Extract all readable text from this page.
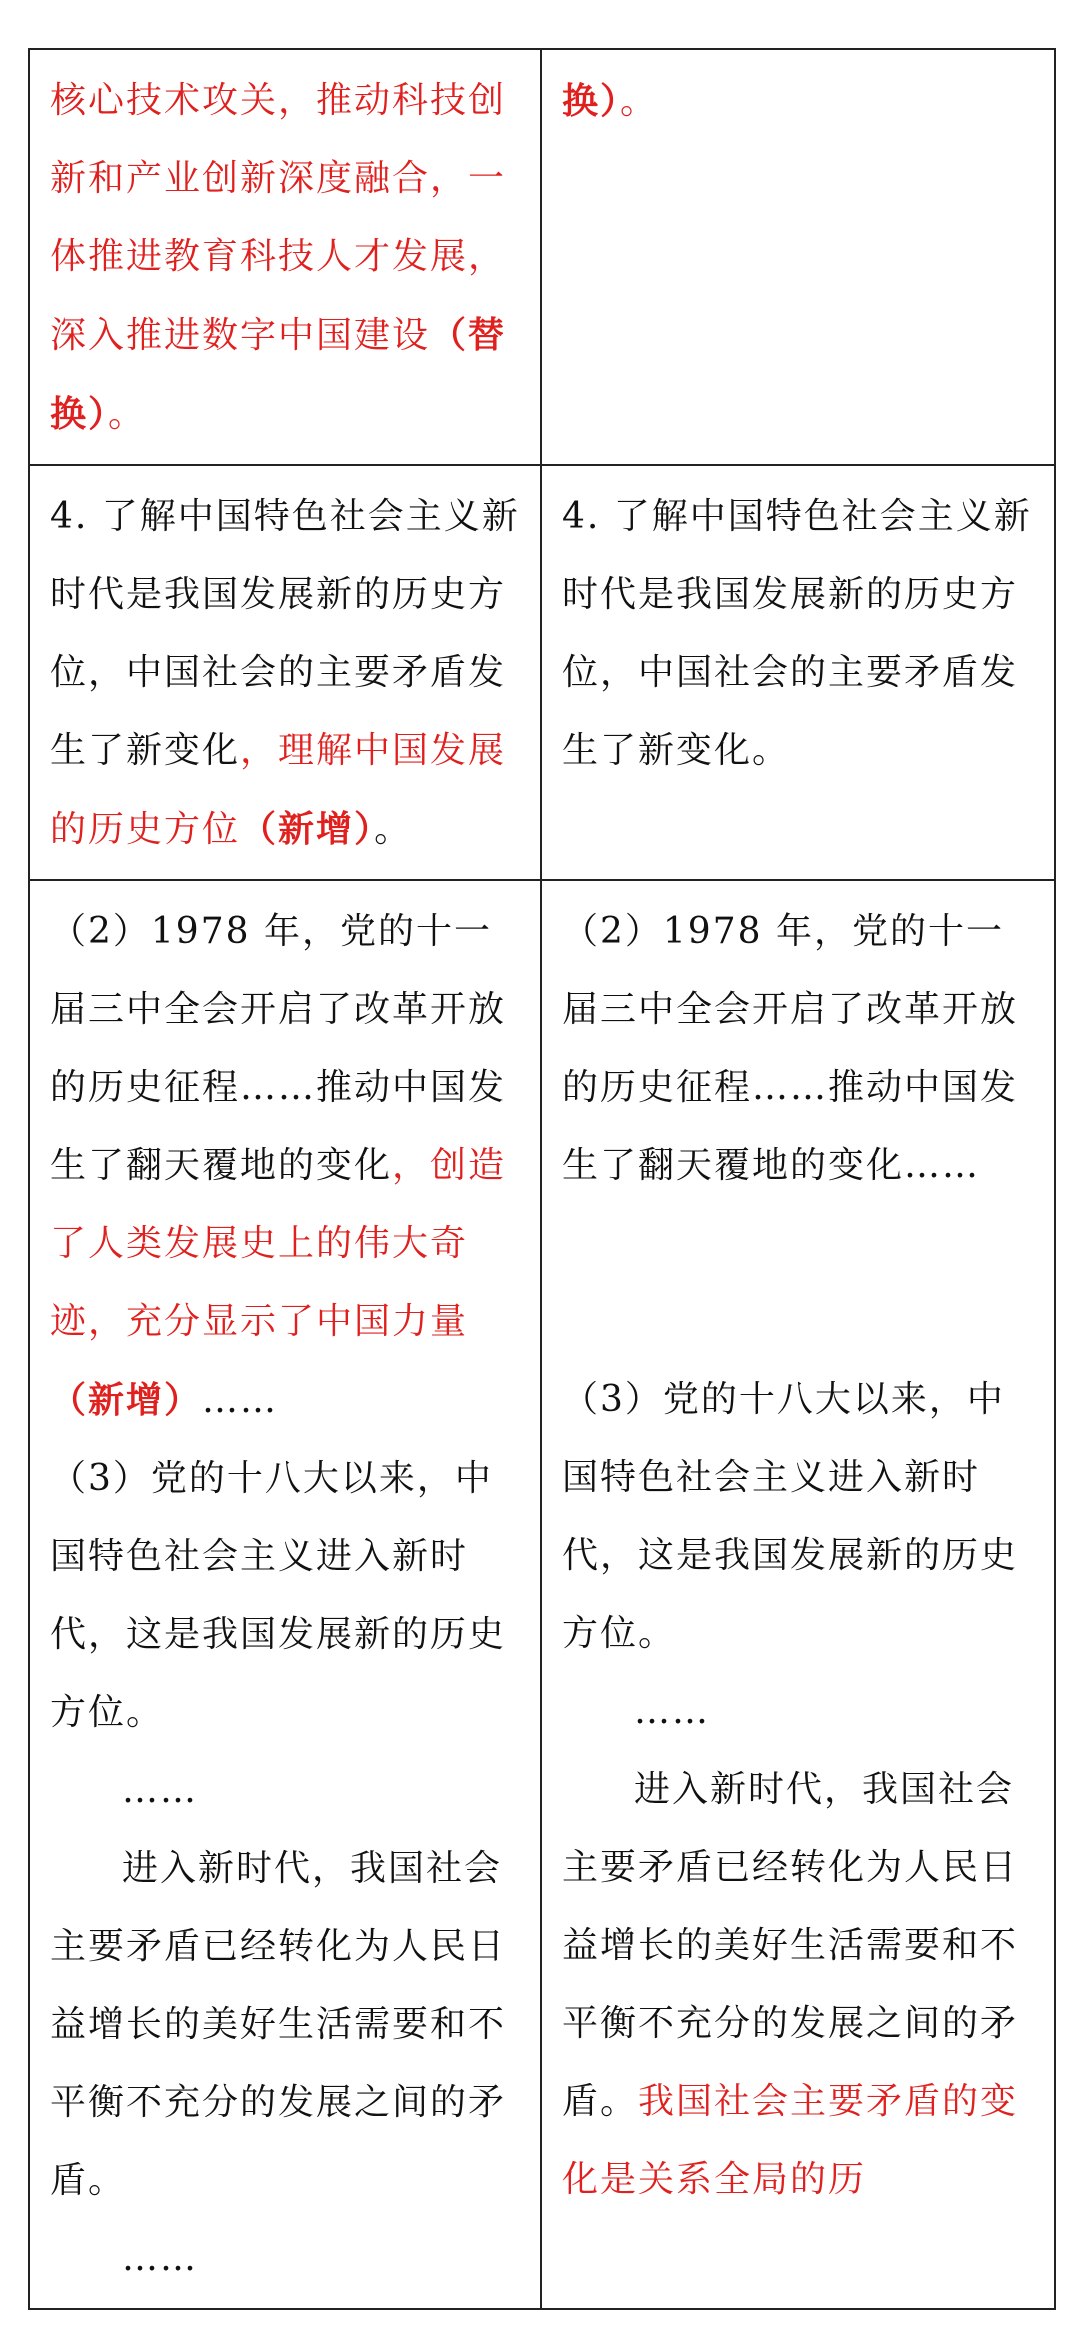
核心技术攻关，推动科技创新和产业创新深度融合，一体推进教育科技人才发展，深入推进数字中国建设（替换）。	换）。
4. 了解中国特色社会主义新时代是我国发展新的历史方位，中国社会的主要矛盾发生了新变化，理解中国发展的历史方位（新增）。	4. 了解中国特色社会主义新时代是我国发展新的历史方位，中国社会的主要矛盾发生了新变化。

（2）1978 年，党的十一届三中全会开启了改革开放的历史征程……推动中国发生了翻天覆地的变化，创造了人类发展史上的伟大奇迹，充分显示了中国力量（新增）……
（3）党的十八大以来，中国特色社会主义进入新时代，这是我国发展新的历史方位。
……
进入新时代，我国社会主要矛盾已经转化为人民日益增长的美好生活需要和不平衡不充分的发展之间的矛盾。
……	（2）1978 年，党的十一届三中全会开启了改革开放的历史征程……推动中国发生了翻天覆地的变化……
（3）党的十八大以来，中国特色社会主义进入新时代，这是我国发展新的历史方位。
……
进入新时代，我国社会主要矛盾已经转化为人民日益增长的美好生活需要和不平衡不充分的发展之间的矛盾。我国社会主要矛盾的变化是关系全局的历
